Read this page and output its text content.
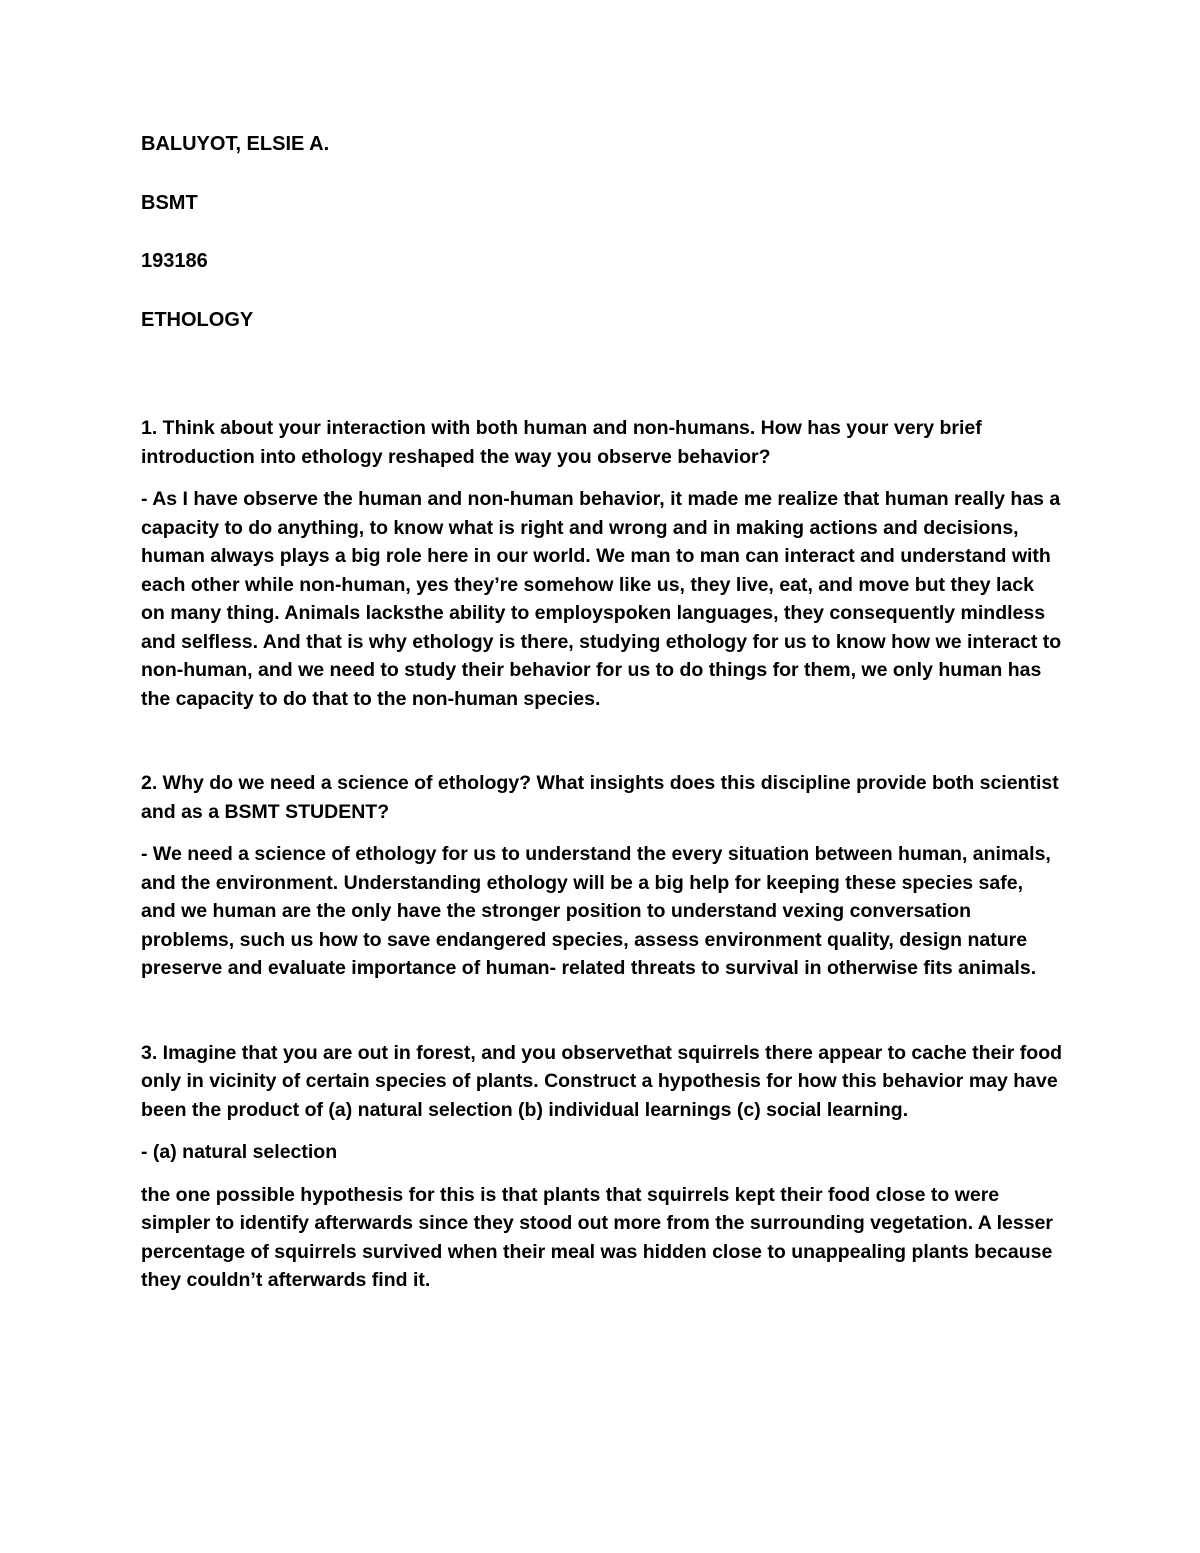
BALUYOT, ELSIE A.

BSMT

193186

ETHOLOGY

1. Think about your interaction with both human and non-humans. How has your very brief introduction into ethology reshaped the way you observe behavior?

- As I have observe the human and non-human behavior, it made me realize that human really has a capacity to do anything, to know what is right and wrong and in making actions and decisions, human always plays a big role here in our world. We man to man can interact and understand with each other while non-human, yes they’re somehow like us, they live, eat, and move but they lack on many thing. Animals lacksthe ability to employspoken languages, they consequently mindless and selfless. And that is why ethology is there, studying ethology for us to know how we interact to non-human, and we need to study their behavior for us to do things for them, we only human has the capacity to do that to the non-human species.

2. Why do we need a science of ethology? What insights does this discipline provide both scientist and as a BSMT STUDENT?

- We need a science of ethology for us to understand the every situation between human, animals, and the environment. Understanding ethology will be a big help for keeping these species safe, and we human are the only have the stronger position to understand vexing conversation problems, such us how to save endangered species, assess environment quality, design nature preserve and evaluate importance of human- related threats to survival in otherwise fits animals.

3. Imagine that you are out in forest, and you observethat squirrels there appear to cache their food only in vicinity of certain species of plants. Construct a hypothesis for how this behavior may have been the product of (a) natural selection (b) individual learnings (c) social learning.

- (a) natural selection

the one possible hypothesis for this is that plants that squirrels kept their food close to were simpler to identify afterwards since they stood out more from the surrounding vegetation. A lesser percentage of squirrels survived when their meal was hidden close to unappealing plants because they couldn’t afterwards find it.
